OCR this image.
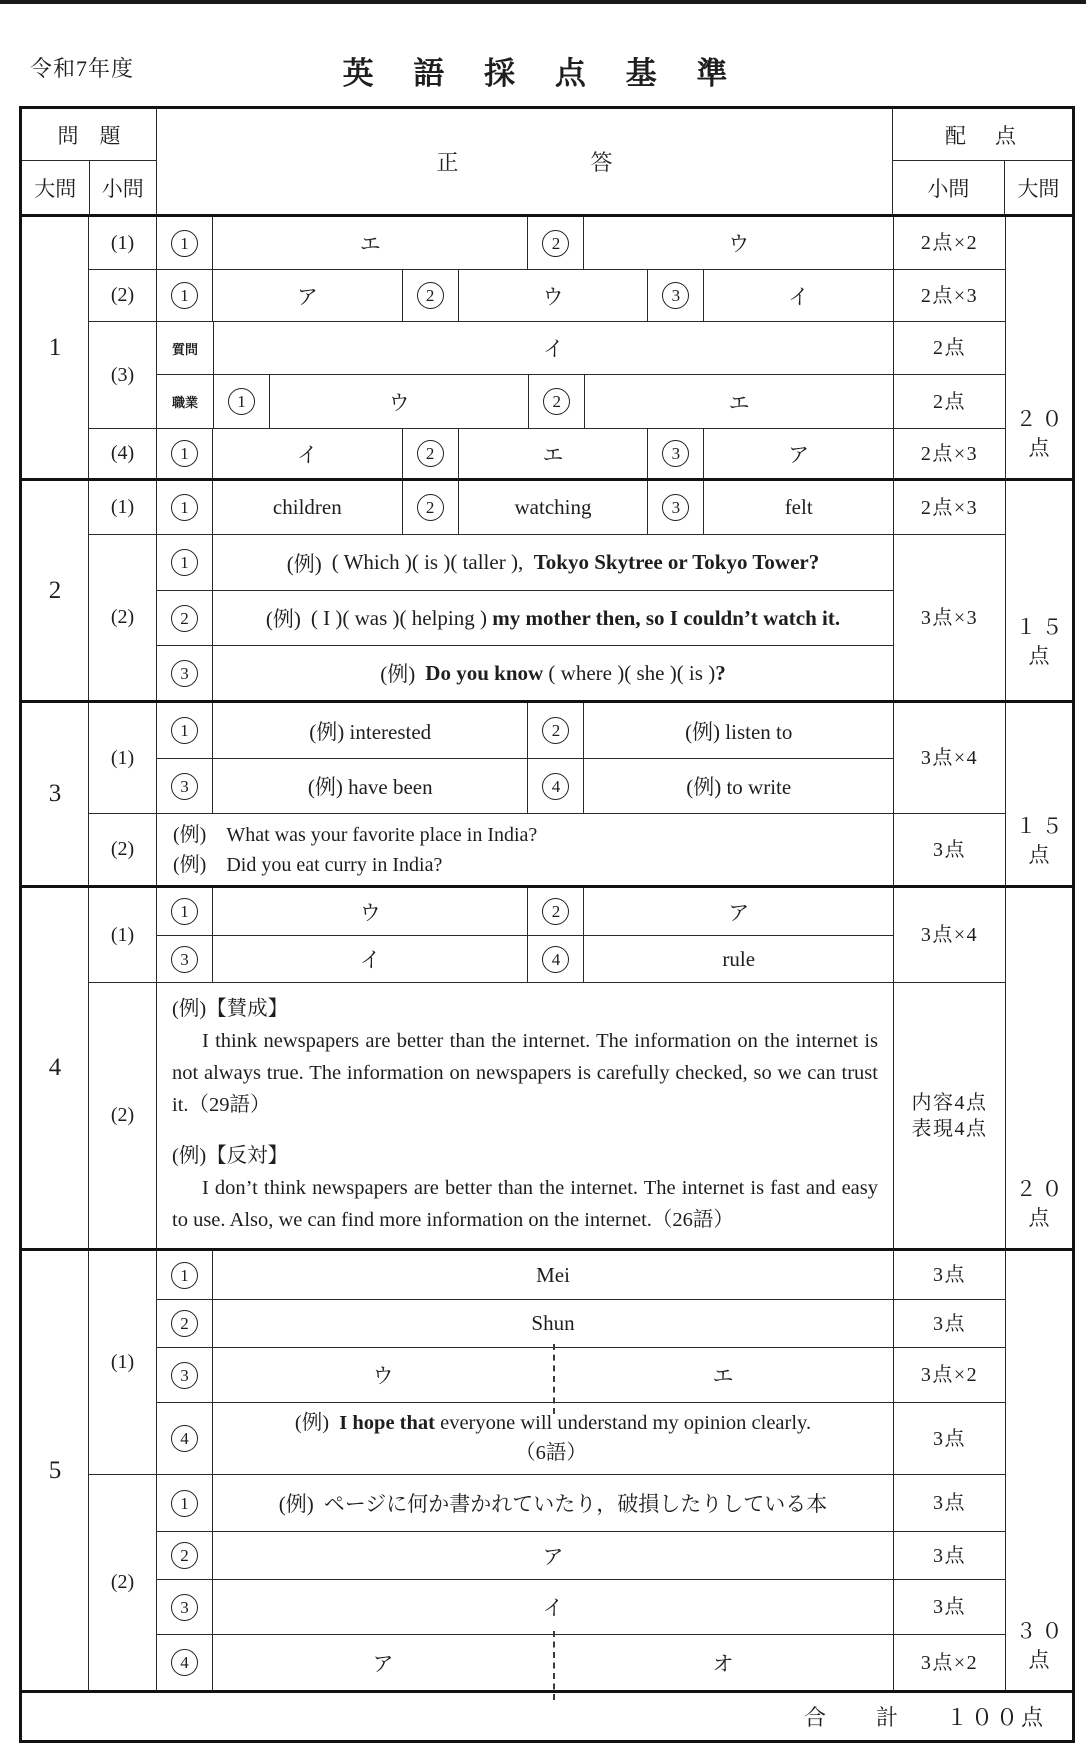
令和7年度	英 語 採 点 基 準
問　題
大問	小問
正　　　　　　答
配　点
小問	大問
1
(1)	1	エ	2	ウ	2点×2
(2)	1	ア	2	ウ	3	イ	2点×3
(3)
質問	イ	2点
職業	1	ウ	2	エ	2点
(4)	1	イ	2	エ	3	ア	2点×3
２０
点
2
(1)	1	children	2	watching	3	felt	2点×3
(2)
1	(例) ( Which )( is )( taller ), Tokyo Skytree or Tokyo Tower?
2	(例) ( I )( was )( helping ) my mother then, so I couldn’t watch it.
3	(例) Do you know ( where )( she )( is )?
3点×3	１５
点
3
(1)
1	(例) interested	2	(例) listen to
3	(例) have been	4	(例) to write
3点×4
(2)
(例)　What was your favorite place in India?
(例)　Did you eat curry in India?
3点
１５
点
4
(1)
1	ウ	2	ア
3	イ	4	rule
3点×4
(2)
(例)【賛成】

I think newspapers are better than the internet. The information on the internet is not always true. The information on newspapers is carefully checked, so we can trust it.（29語）

(例)【反対】

I don’t think newspapers are better than the internet. The internet is fast and easy to use. Also, we can find more information on the internet.（26語）

内容4点
表現4点
２０
点
5
(1)
1	Mei	3点
2	Shun	3点
3	ウ	エ	3点×2
4
(例) I hope that everyone will understand my opinion clearly.
（6語）
3点
(2)
1	(例) ページに何か書かれていたり，破損したりしている本	3点
2	ア	3点
3	イ	3点
4	ア	オ	3点×2
３０
点
合　　計 １００点
